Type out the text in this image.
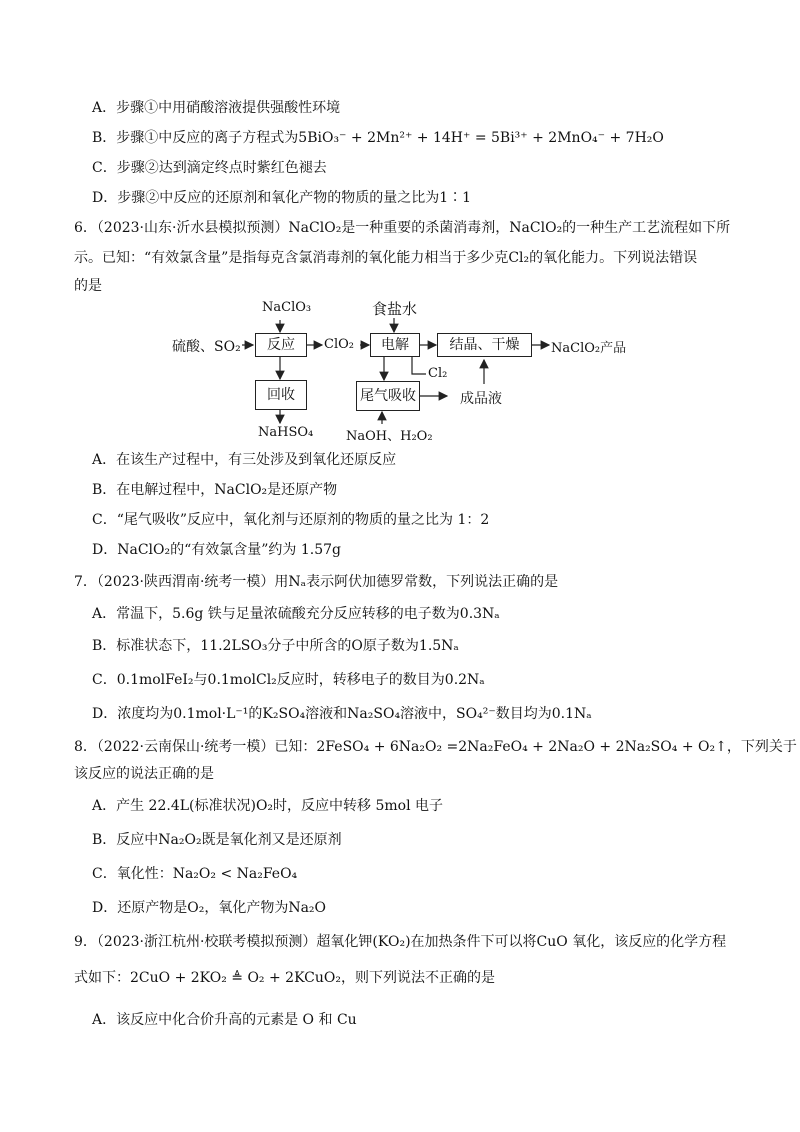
A．步骤①中用硝酸溶液提供强酸性环境
B．步骤①中反应的离子方程式为5BiO₃⁻ + 2Mn²⁺ + 14H⁺ = 5Bi³⁺ + 2MnO₄⁻ + 7H₂O
C．步骤②达到滴定终点时紫红色褪去
D．步骤②中反应的还原剂和氧化产物的物质的量之比为1∶1
6．（2023·山东·沂水县模拟预测）NaClO₂是一种重要的杀菌消毒剂，NaClO₂的一种生产工艺流程如下所
示。已知：“有效氯含量”是指每克含氯消毒剂的氧化能力相当于多少克Cl₂的氧化能力。下列说法错误
的是
NaClO₃
硫酸、SO₂	反应	ClO₂
食盐水
电解	结晶、干燥	NaClO₂产品
Cl₂
回收
NaHSO₄
尾气吸收
NaOH、H₂O₂
成品液
A．在该生产过程中，有三处涉及到氧化还原反应
B．在电解过程中，NaClO₂是还原产物
C．“尾气吸收”反应中，氧化剂与还原剂的物质的量之比为 1：2
D．NaClO₂的“有效氯含量”约为 1.57g
7．（2023·陕西渭南·统考一模）用Nₐ表示阿伏加德罗常数，下列说法正确的是
A．常温下，5.6g 铁与足量浓硫酸充分反应转移的电子数为0.3Nₐ
B．标准状态下，11.2LSO₃分子中所含的O原子数为1.5Nₐ
C．0.1molFeI₂与0.1molCl₂反应时，转移电子的数目为0.2Nₐ
D．浓度均为0.1mol·L⁻¹的K₂SO₄溶液和Na₂SO₄溶液中，SO₄²⁻数目均为0.1Nₐ
8．（2022·云南保山·统考一模）已知：2FeSO₄ + 6Na₂O₂ =2Na₂FeO₄ + 2Na₂O + 2Na₂SO₄ + O₂↑，下列关于
该反应的说法正确的是
A．产生 22.4L(标准状况)O₂时，反应中转移 5mol 电子
B．反应中Na₂O₂既是氧化剂又是还原剂
C．氧化性：Na₂O₂ < Na₂FeO₄
D．还原产物是O₂，氧化产物为Na₂O
9．（2023·浙江杭州·校联考模拟预测）超氧化钾(KO₂)在加热条件下可以将CuO 氧化，该反应的化学方程
式如下：2CuO + 2KO₂ ≜ O₂ + 2KCuO₂，则下列说法不正确的是
A．该反应中化合价升高的元素是 O 和 Cu
